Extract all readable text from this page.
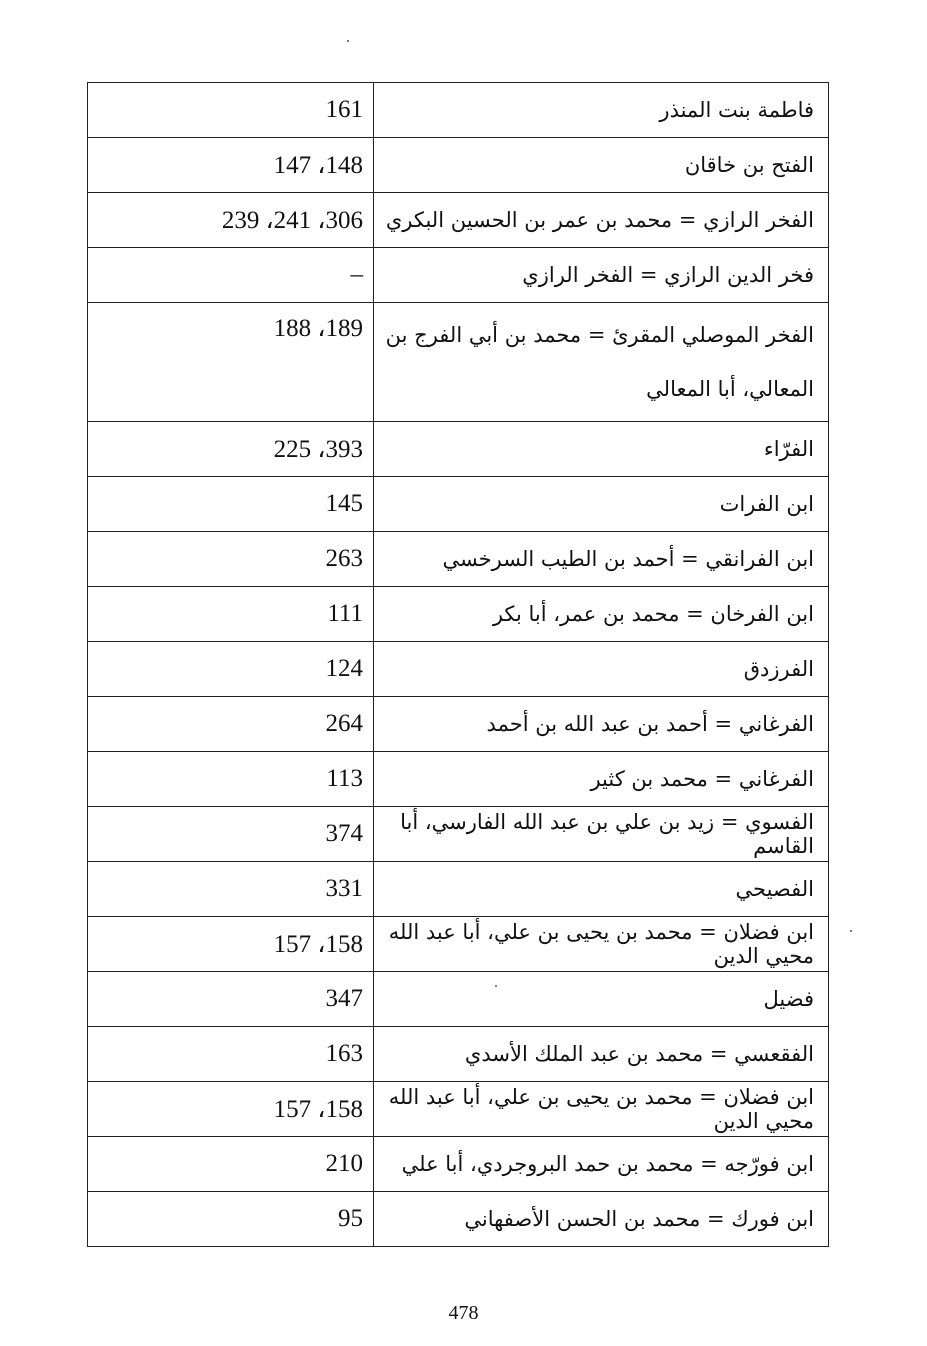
161	فاطمة بنت المنذر
148، 147	الفتح بن خاقان
306، 241، 239	الفخر الرازي = محمد بن عمر بن الحسين البكري
–	فخر الدين الرازي = الفخر الرازي
189، 188	الفخر الموصلي المقرئ = محمد بن أبي الفرج بن المعالي، أبا المعالي
393، 225	الفرّاء
145	ابن الفرات
263	ابن الفرانقي = أحمد بن الطيب السرخسي
111	ابن الفرخان = محمد بن عمر، أبا بكر
124	الفرزدق
264	الفرغاني = أحمد بن عبد الله بن أحمد
113	الفرغاني = محمد بن كثير
374	الفسوي = زيد بن علي بن عبد الله الفارسي، أبا القاسم
331	الفصيحي
158، 157	ابن فضلان = محمد بن يحيى بن علي، أبا عبد الله محيي الدين
347	فضيل
163	الفقعسي = محمد بن عبد الملك الأسدي
158، 157	ابن فضلان = محمد بن يحيى بن علي، أبا عبد الله محيي الدين
210	ابن فورّجه = محمد بن حمد البروجردي، أبا علي
95	ابن فورك = محمد بن الحسن الأصفهاني
478
